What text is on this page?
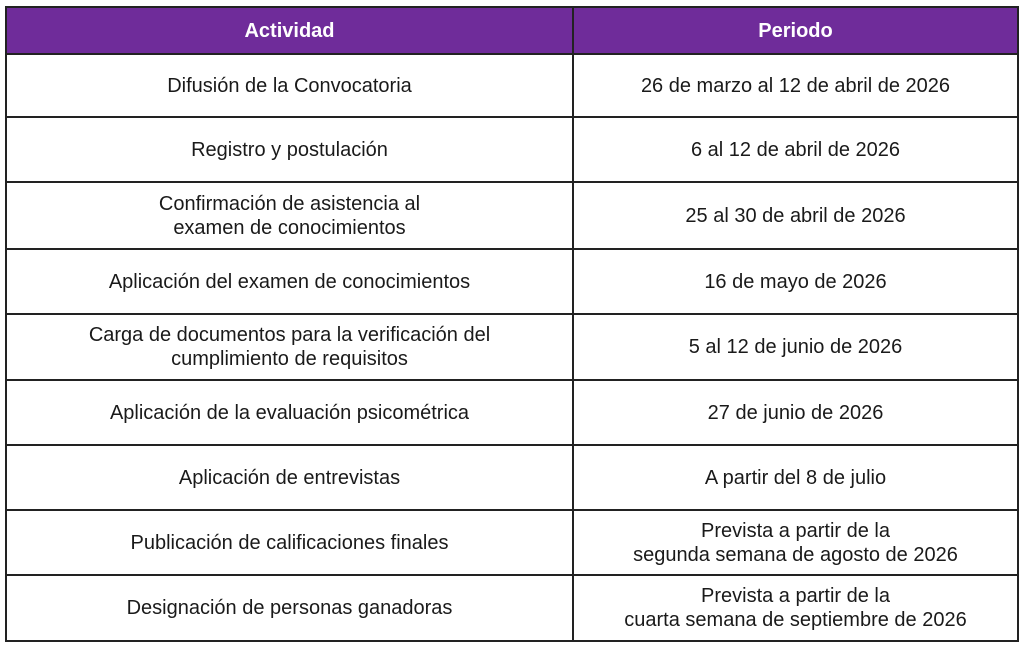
Actividad	Periodo

Difusión de la Convocatoria	26 de marzo al 12 de abril de 2026

Registro y postulación	6 al 12 de abril de 2026

Confirmación de asistencia al
examen de conocimientos	25 al 30 de abril de 2026

Aplicación del examen de conocimientos	16 de mayo de 2026

Carga de documentos para la verificación del
cumplimiento de requisitos	5 al 12 de junio de 2026

Aplicación de la evaluación psicométrica	27 de junio de 2026

Aplicación de entrevistas	A partir del 8 de julio

Publicación de calificaciones finales	Prevista a partir de la
segunda semana de agosto de 2026

Designación de personas ganadoras	Prevista a partir de la
cuarta semana de septiembre de 2026
